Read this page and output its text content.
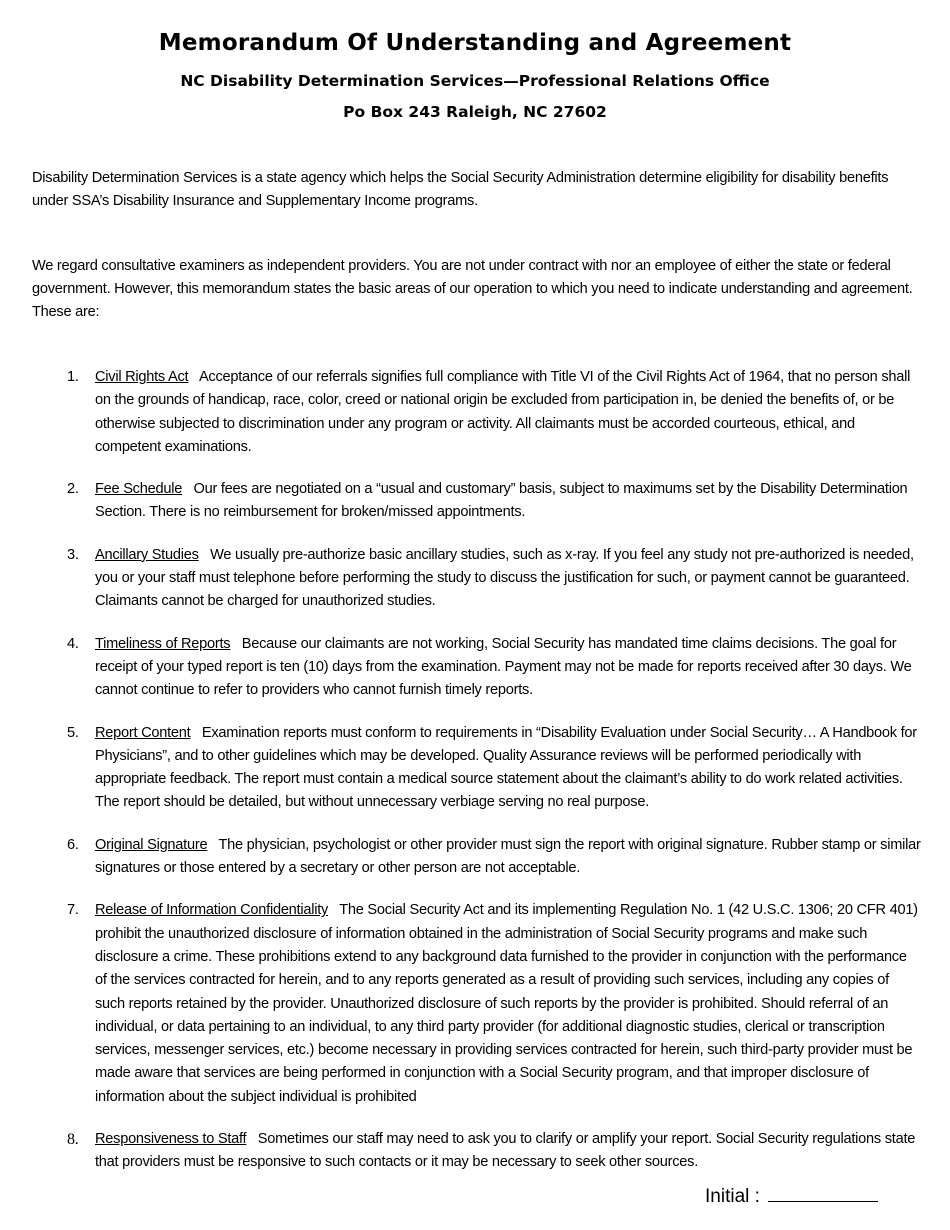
Memorandum Of Understanding and Agreement
NC Disability Determination Services—Professional Relations Office
Po Box 243 Raleigh, NC 27602

Disability Determination Services is a state agency which helps the Social Security Administration determine eligibility for disability benefits under SSA’s Disability Insurance and Supplementary Income programs.

We regard consultative examiners as independent providers. You are not under contract with nor an employee of either the state or federal government. However, this memorandum states the basic areas of our operation to which you need to indicate understanding and agreement. These are:

1. Civil Rights Act Acceptance of our referrals signifies full compliance with Title VI of the Civil Rights Act of 1964, that no person shall on the grounds of handicap, race, color, creed or national origin be excluded from participation in, be denied the benefits of, or be otherwise subjected to discrimination under any program or activity. All claimants must be accorded courteous, ethical, and competent examinations.
2. Fee Schedule Our fees are negotiated on a “usual and customary” basis, subject to maximums set by the Disability Determination Section. There is no reimbursement for broken/missed appointments.
3. Ancillary Studies We usually pre-authorize basic ancillary studies, such as x-ray. If you feel any study not pre-authorized is needed, you or your staff must telephone before performing the study to discuss the justification for such, or payment cannot be guaranteed. Claimants cannot be charged for unauthorized studies.
4. Timeliness of Reports Because our claimants are not working, Social Security has mandated time claims decisions. The goal for receipt of your typed report is ten (10) days from the examination. Payment may not be made for reports received after 30 days. We cannot continue to refer to providers who cannot furnish timely reports.
5. Report Content Examination reports must conform to requirements in “Disability Evaluation under Social Security… A Handbook for Physicians”, and to other guidelines which may be developed. Quality Assurance reviews will be performed periodically with appropriate feedback. The report must contain a medical source statement about the claimant’s ability to do work related activities. The report should be detailed, but without unnecessary verbiage serving no real purpose.
6. Original Signature The physician, psychologist or other provider must sign the report with original signature. Rubber stamp or similar signatures or those entered by a secretary or other person are not acceptable.
7. Release of Information Confidentiality The Social Security Act and its implementing Regulation No. 1 (42 U.S.C. 1306; 20 CFR 401) prohibit the unauthorized disclosure of information obtained in the administration of Social Security programs and make such disclosure a crime. These prohibitions extend to any background data furnished to the provider in conjunction with the performance of the services contracted for herein, and to any reports generated as a result of providing such services, including any copies of such reports retained by the provider. Unauthorized disclosure of such reports by the provider is prohibited. Should referral of an individual, or data pertaining to an individual, to any third party provider (for additional diagnostic studies, clerical or transcription services, messenger services, etc.) become necessary in providing services contracted for herein, such third-party provider must be made aware that services are being performed in conjunction with a Social Security program, and that improper disclosure of information about the subject individual is prohibited
8. Responsiveness to Staff Sometimes our staff may need to ask you to clarify or amplify your report. Social Security regulations state that providers must be responsive to such contacts or it may be necessary to seek other sources.
Initial :
